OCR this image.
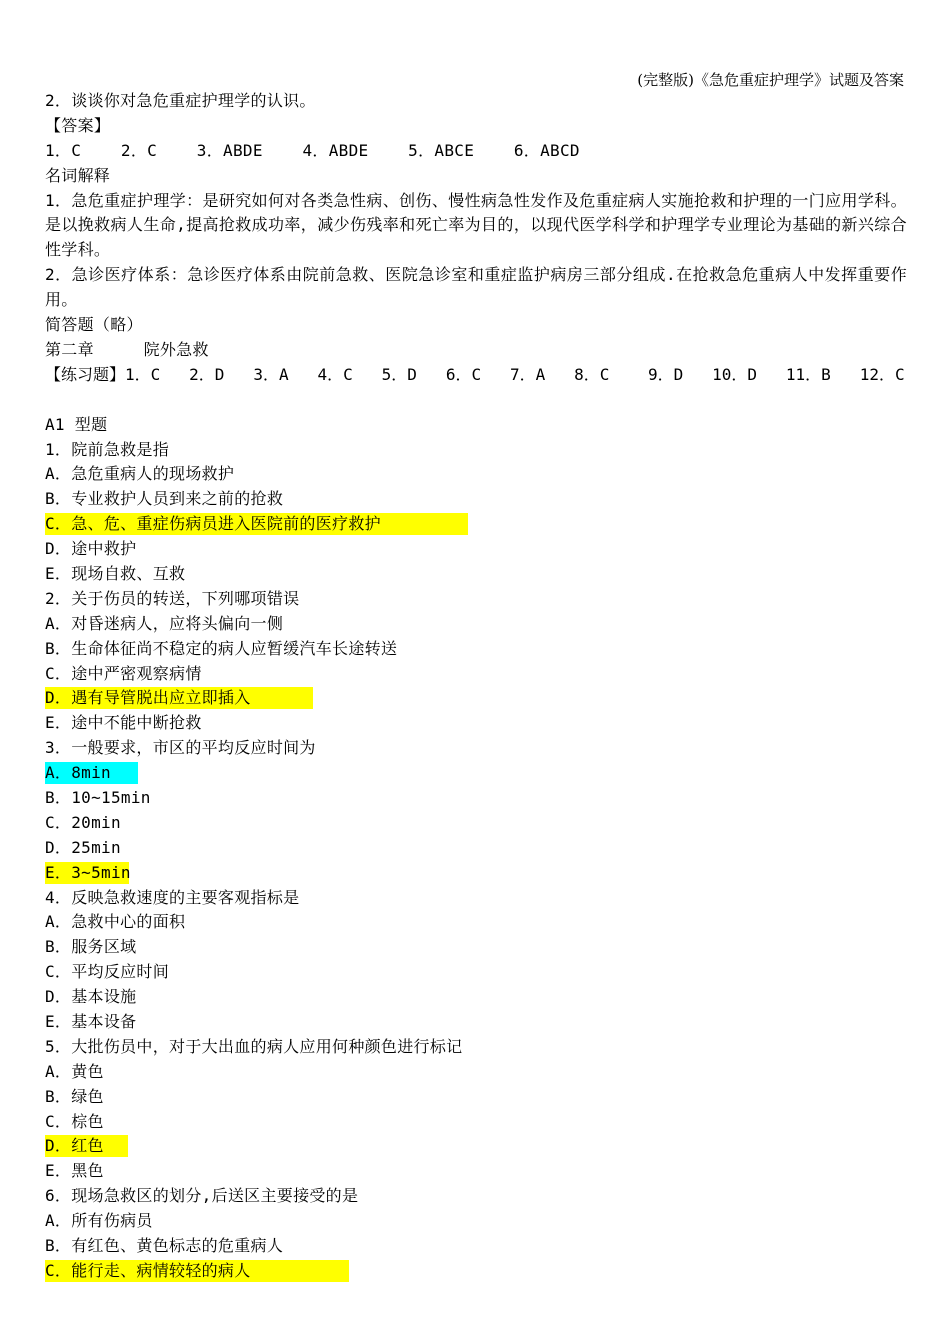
(完整版)《急危重症护理学》试题及答案
2．谈谈你对急危重症护理学的认识。
【答案】
1．C    2．C    3．ABDE    4．ABDE    5．ABCE    6．ABCD
名词解释
1．急危重症护理学：是研究如何对各类急性病、创伤、慢性病急性发作及危重症病人实施抢救和护理的一门应用学科。是以挽救病人生命,提高抢救成功率，减少伤残率和死亡率为目的，以现代医学科学和护理学专业理论为基础的新兴综合性学科。
2．急诊医疗体系：急诊医疗体系由院前急救、医院急诊室和重症监护病房三部分组成.在抢救急危重病人中发挥重要作用。
简答题（略）
第二章     院外急救
【练习题】1．C   2．D   3．A   4．C   5．D   6．C   7．A   8．C    9．D   10．D   11．B   12．C
A1 型题
1．院前急救是指
A．急危重病人的现场救护
B．专业救护人员到来之前的抢救
C．急、危、重症伤病员进入医院前的医疗救护
D．途中救护
E．现场自救、互救
2．关于伤员的转送，下列哪项错误
A．对昏迷病人，应将头偏向一侧
B．生命体征尚不稳定的病人应暂缓汽车长途转送
C．途中严密观察病情
D．遇有导管脱出应立即插入
E．途中不能中断抢救
3．一般要求，市区的平均反应时间为
A．8min
B．10~15min
C．20min
D．25min
E．3~5min
4．反映急救速度的主要客观指标是
A．急救中心的面积
B．服务区域
C．平均反应时间
D．基本设施
E．基本设备
5．大批伤员中，对于大出血的病人应用何种颜色进行标记
A．黄色
B．绿色
C．棕色
D．红色
E．黑色
6．现场急救区的划分,后送区主要接受的是
A．所有伤病员
B．有红色、黄色标志的危重病人
C．能行走、病情较轻的病人
